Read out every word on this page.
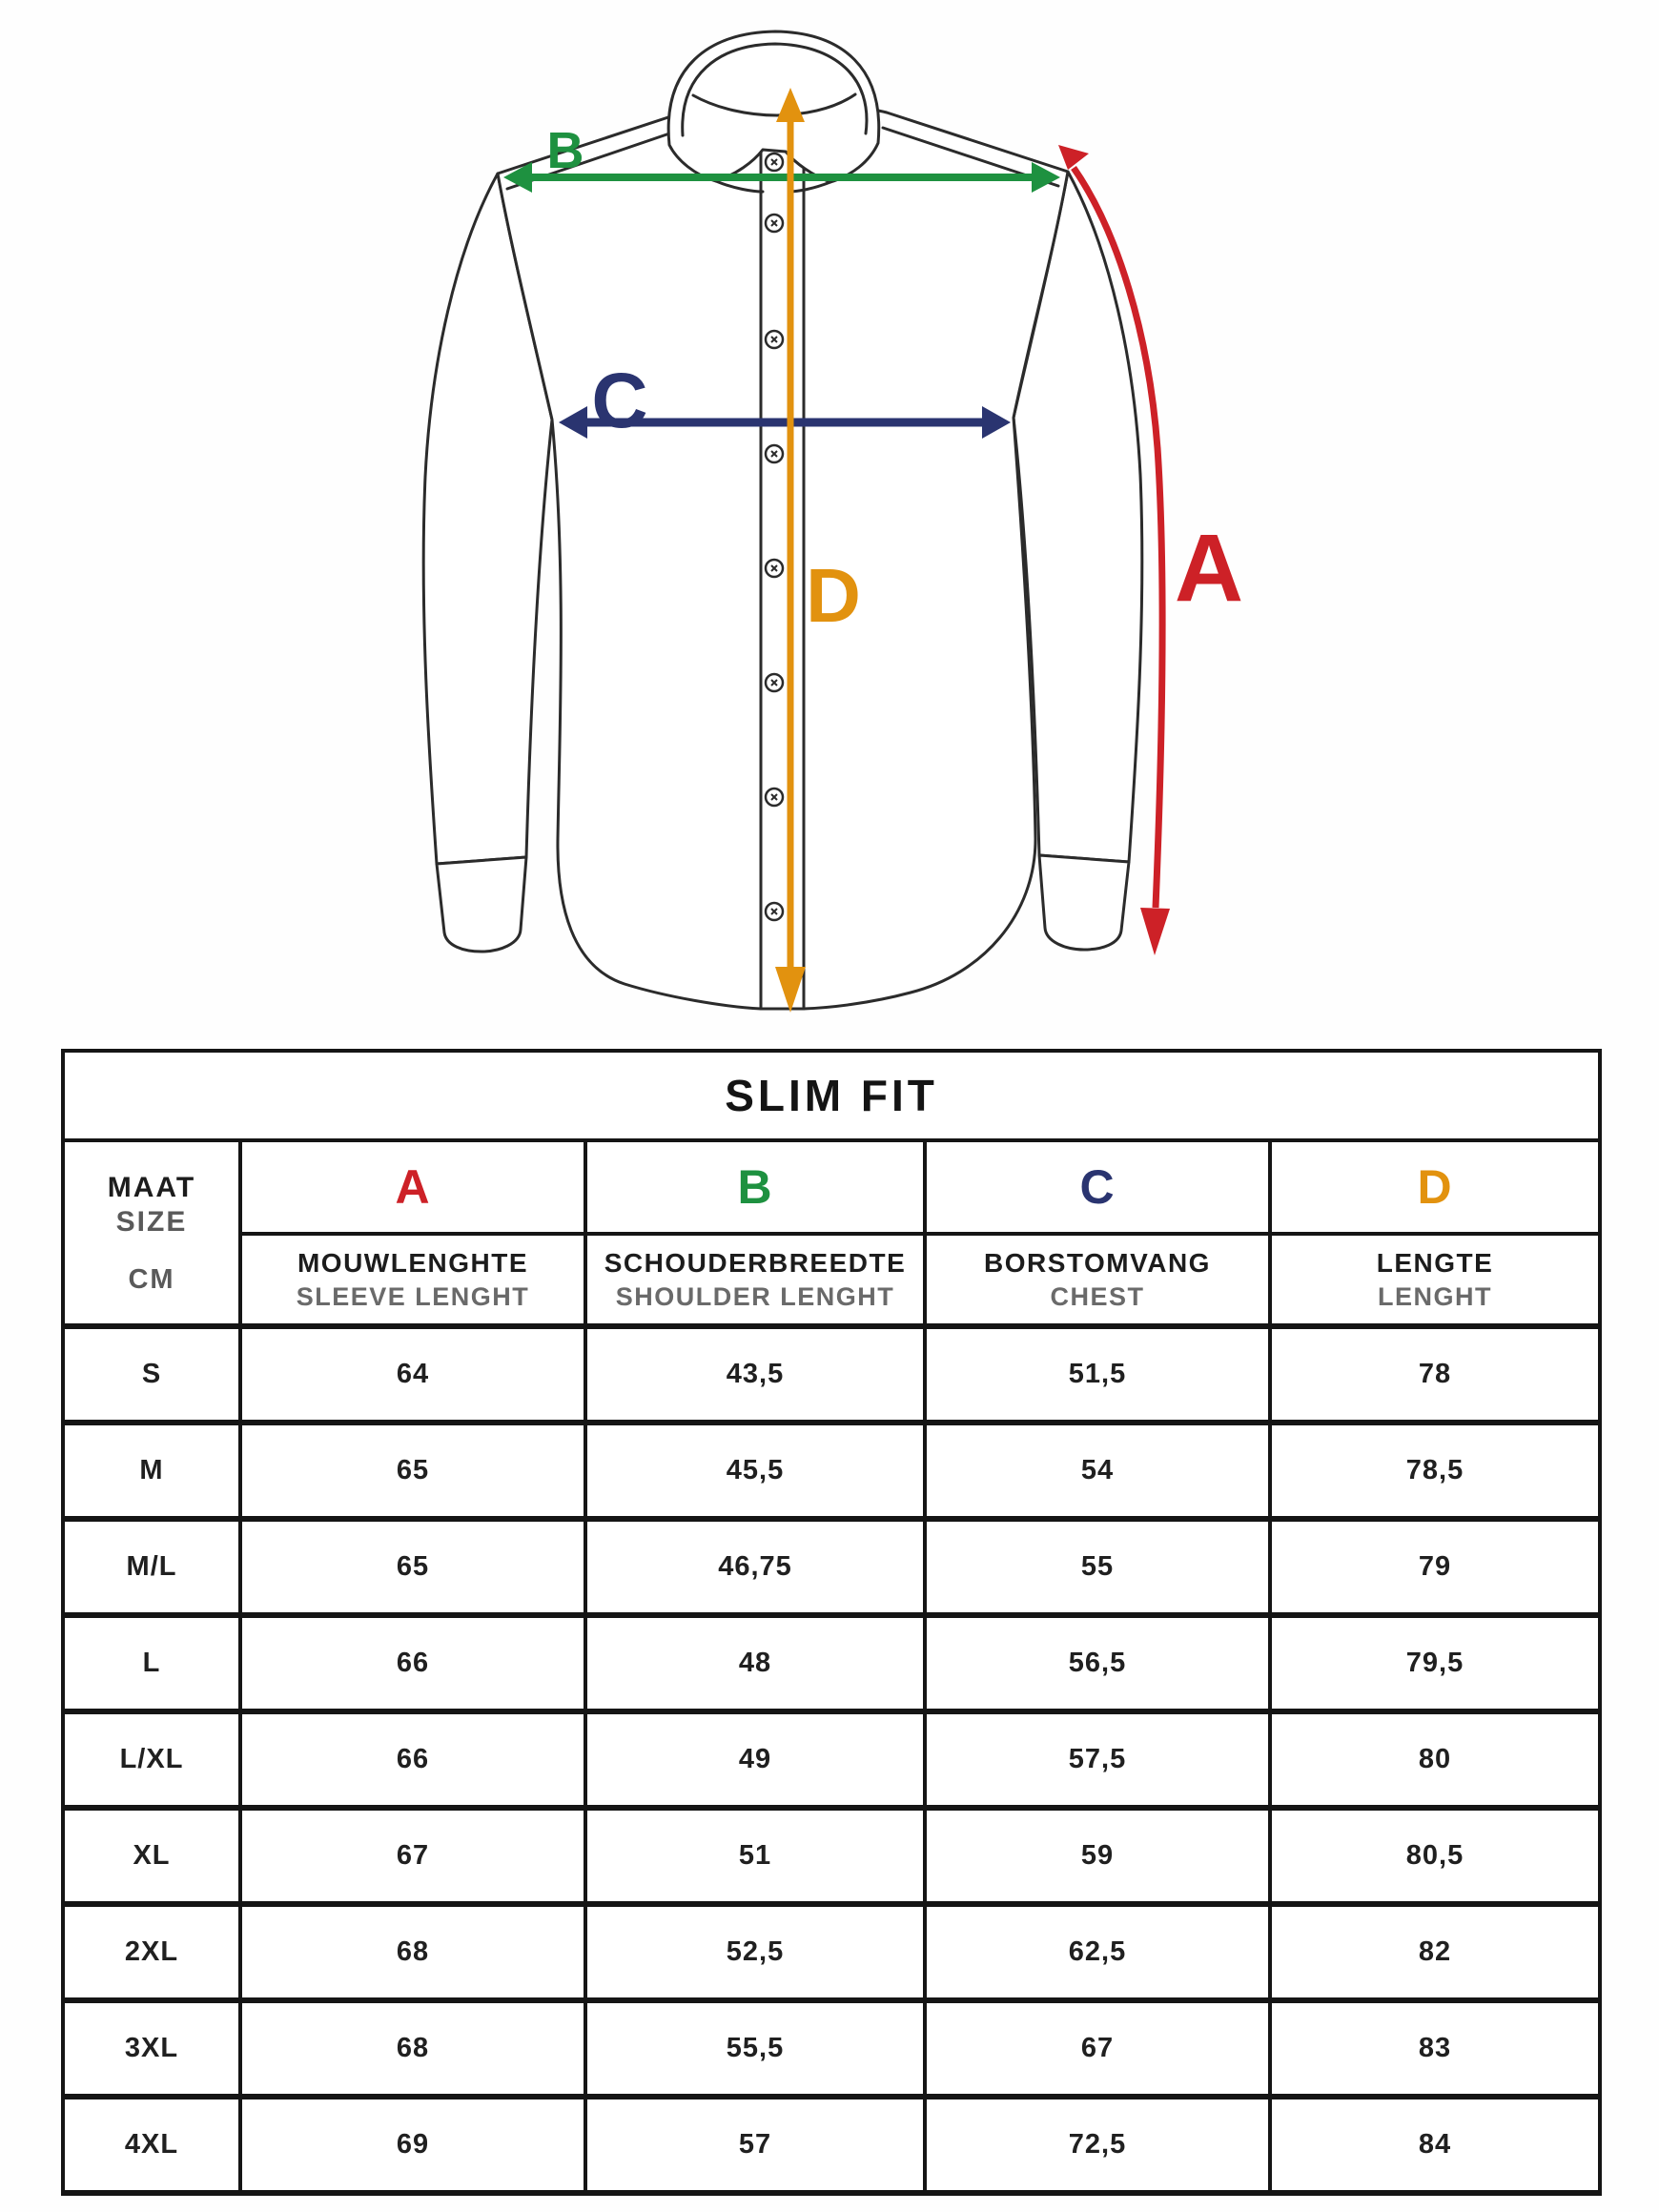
B
C
D	A
SLIM FIT				

MAAT
SIZE
CM	A	B	C	D

MOUWLENGHTE
SLEEVE LENGHT

SCHOUDERBREEDTE
SHOULDER LENGHT

BORSTOMVANG
CHEST

LENGTE
LENGHT

S	64	43,5	51,5	78
M	65	45,5	54	78,5
M/L	65	46,75	55	79
L	66	48	56,5	79,5
L/XL	66	49	57,5	80
XL	67	51	59	80,5
2XL	68	52,5	62,5	82
3XL	68	55,5	67	83
4XL	69	57	72,5	84
